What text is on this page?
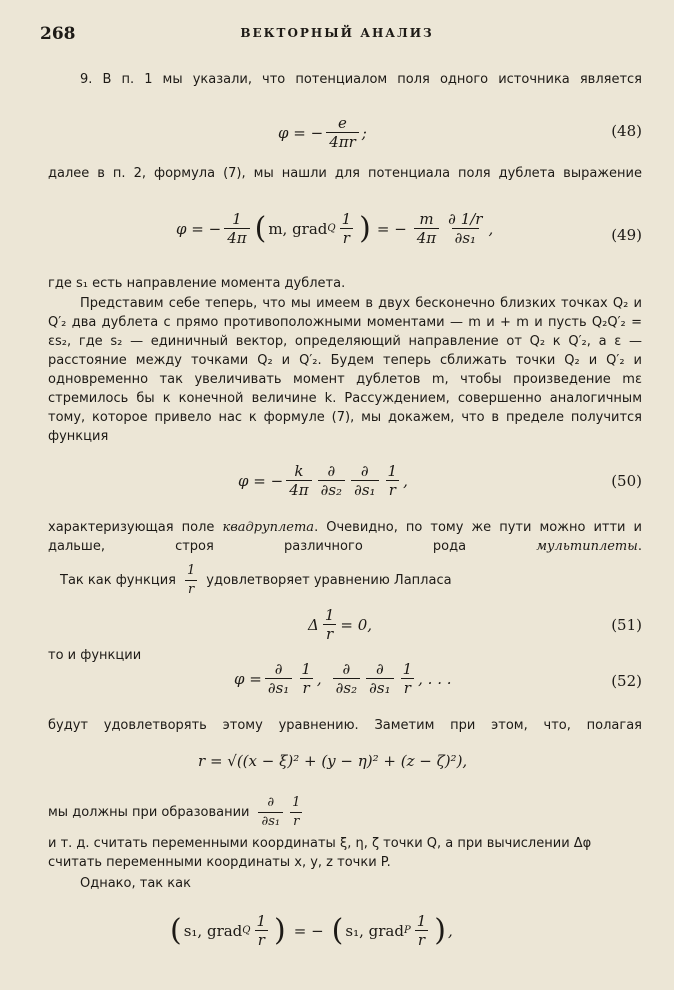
268	ВЕКТОРНЫЙ АНАЛИЗ

9. В п. 1 мы указали, что потенциалом поля одного источника является

φ = − $\frac{e}{4\pi r}$ ;	(48)

далее в п. 2, формула (7), мы нашли для потенциала поля дублета выражение

φ = − $\frac{1}{4\pi}$ ( m, grad Q $\frac{1}{r}$ ) = − $\frac{m}{4\pi} \frac{\partial 1/r}{\text{∂s₁}}$ ,	(49)

где s₁ есть направление момента дублета.

Представим себе теперь, что мы имеем в двух бесконечно близких точках Q₂ и Q′₂ два дублета с прямо противоположными моментами — m и + m и пусть Q₂Q′₂ = εs₂, где s₂ — единичный вектор, определяющий направление от Q₂ к Q′₂, а ε — расстояние между точками Q₂ и Q′₂. Будем теперь сближать точки Q₂ и Q′₂ и одновременно так увеличивать момент дублетов m, чтобы произведение mε стремилось бы к конечной величине k. Рассуждением, совершенно аналогичным тому, которое привело нас к формуле (7), мы докажем, что в пределе получится функция

φ = − $\frac{k}{4\pi} \frac{\partial}{\text{∂s₂}} \frac{\partial}{\text{∂s₁}} \frac{1}{r}$ ,	(50)

характеризующая поле квадруплета. Очевидно, по тому же пути можно итти и дальше, строя различного рода мультиплеты.

Так как функция $\frac{1}{r}$ удовлетворяет уравнению Лапласа
Δ $\frac{1}{r} = 0$,	(51)

то и функции

$\varphi = \frac{\partial}{\text{∂s₁}} \frac{1}{r}$ , $\frac{\partial}{\text{∂s₂}} \frac{\partial}{\text{∂s₁}} \frac{1}{r}$ , . . .	(52)

будут удовлетворять этому уравнению. Заметим при этом, что, полагая

r = √((x − ξ)² + (y − η)² + (z − ζ)²),
мы должны при образовании $\frac{\partial}{\text{∂s₁}} \frac{1}{r}$

и т. д. считать переменными координаты ξ, η, ζ точки Q, а при вычислении Δφ считать переменными координаты x, y, z точки P.

Однако, так как

( s₁, grad Q $\frac{1}{r}$ ) = − ( s₁, grad P $\frac{1}{r}$ ) ,
